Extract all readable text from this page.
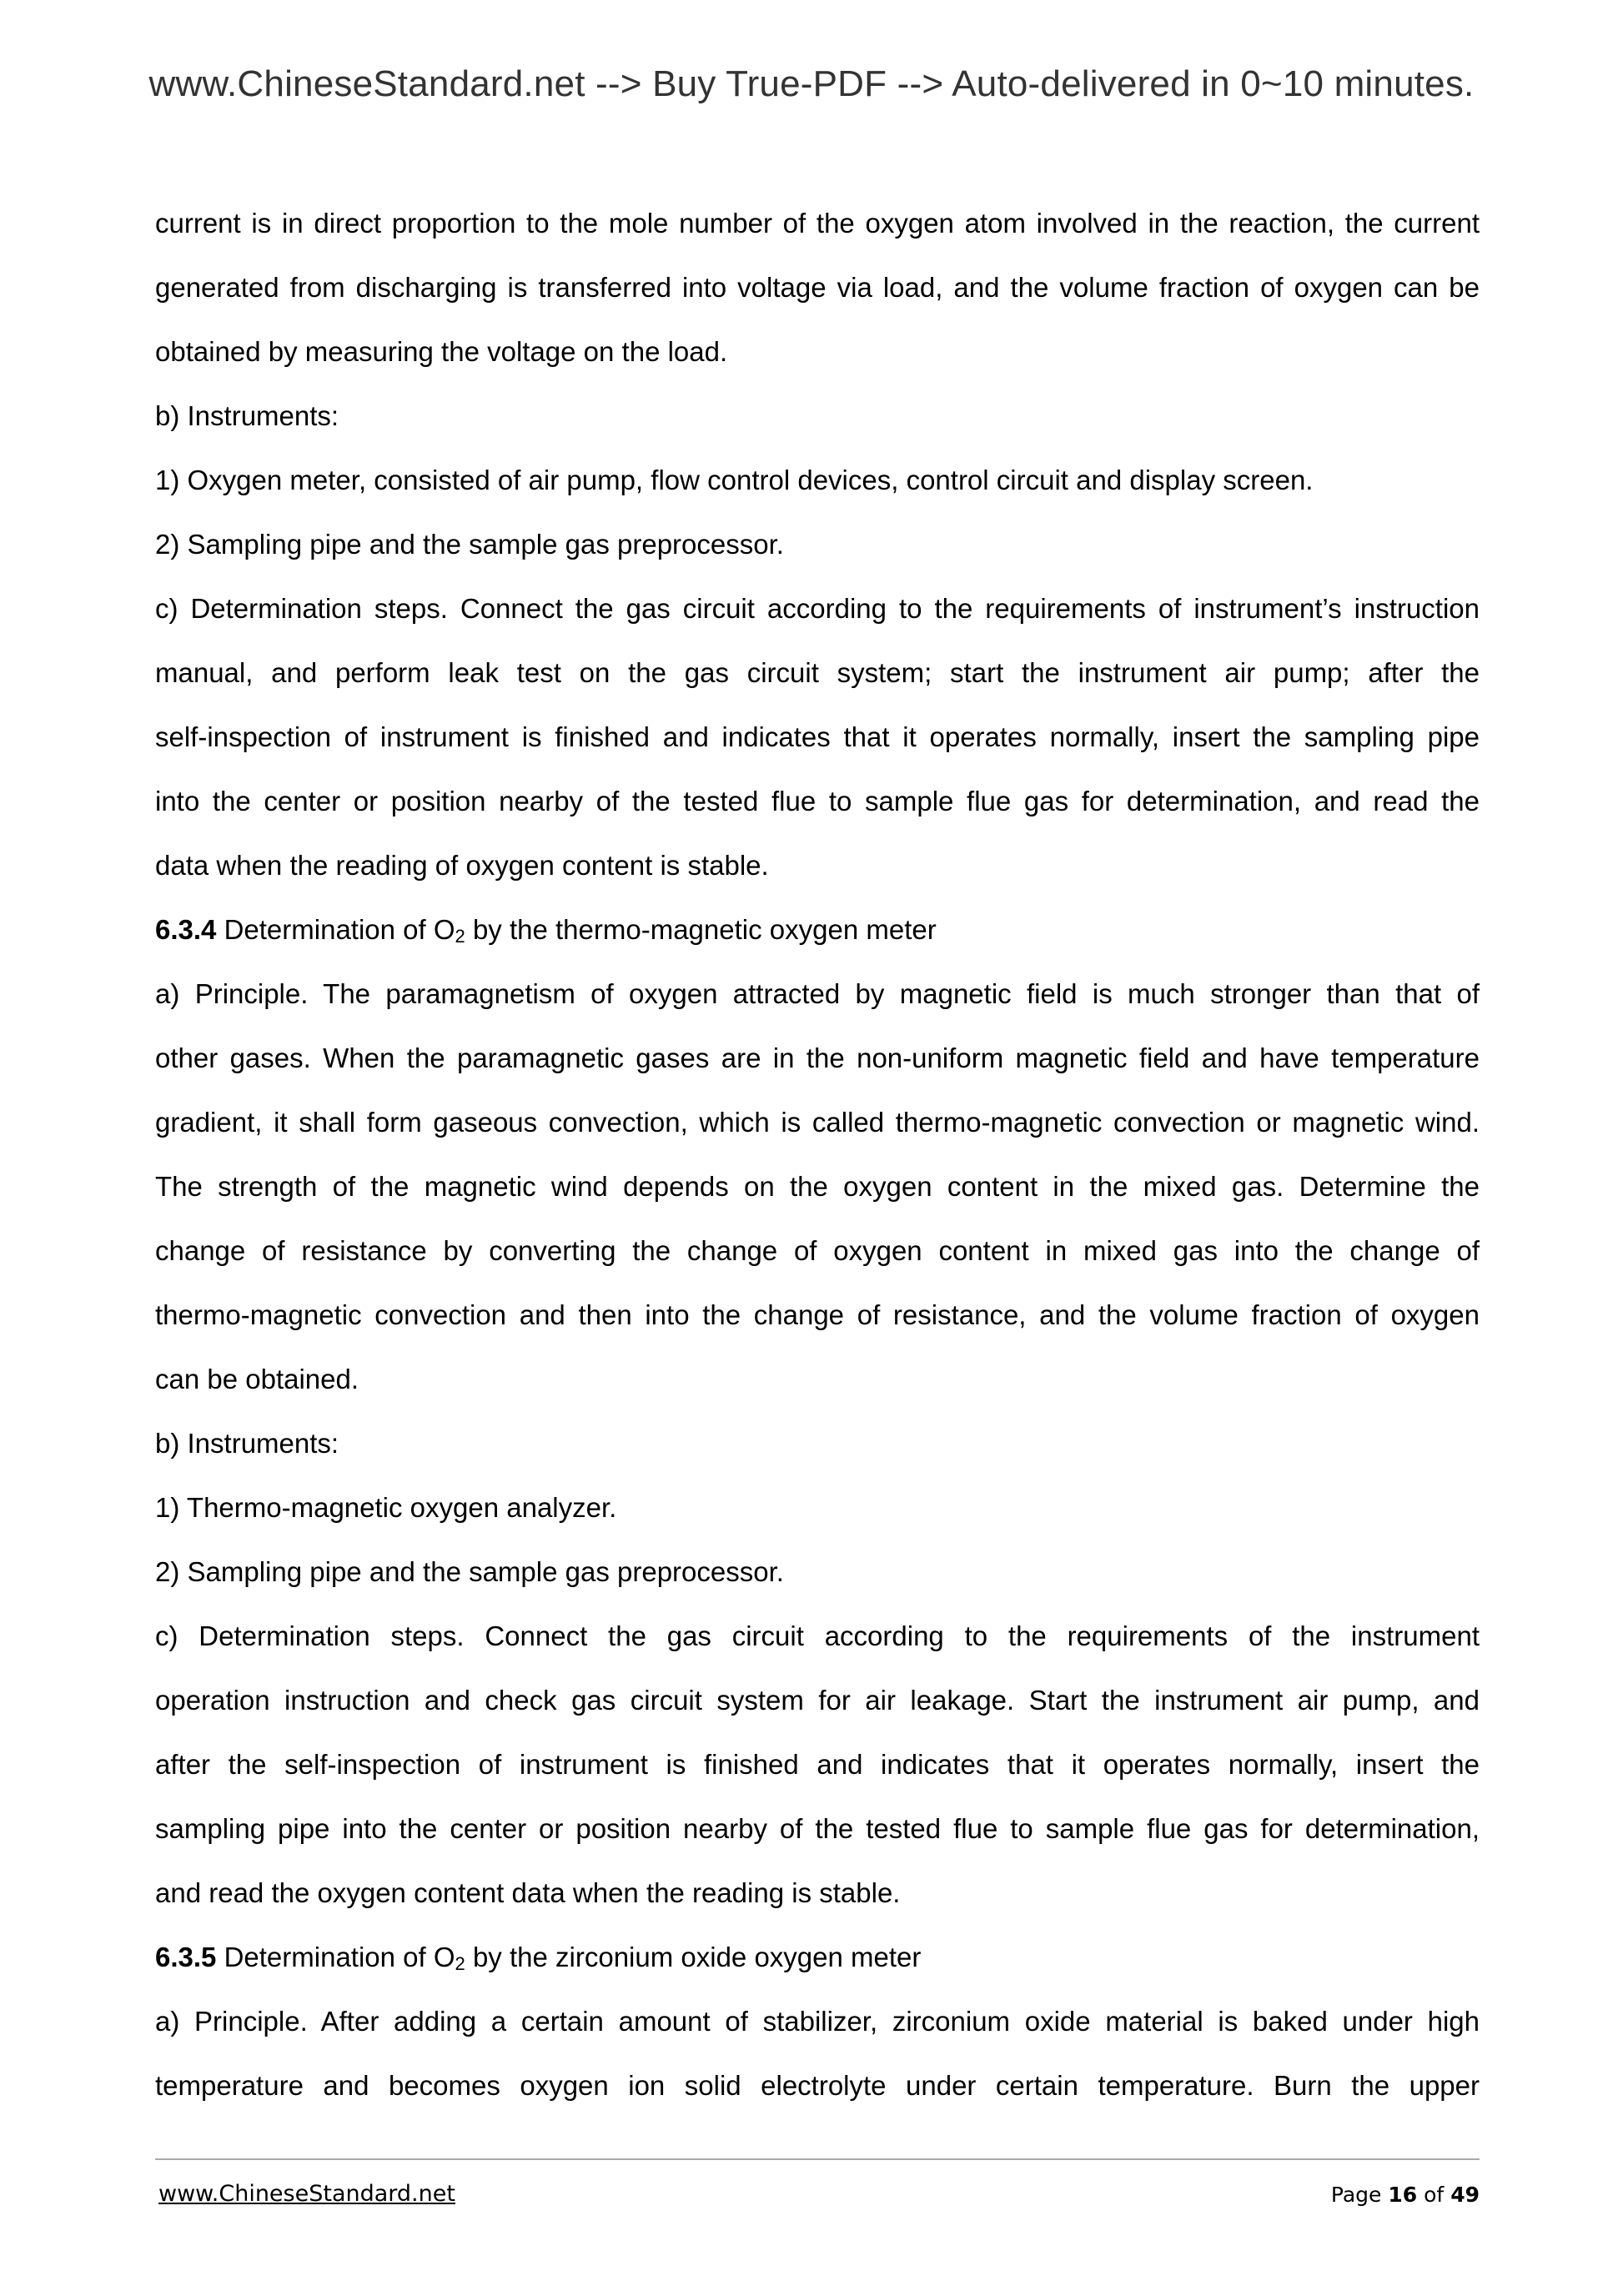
www.ChineseStandard.net --> Buy True-PDF --> Auto-delivered in 0~10 minutes.
current is in direct proportion to the mole number of the oxygen atom involved in the reaction, the current
generated from discharging is transferred into voltage via load, and the volume fraction of oxygen can be
obtained by measuring the voltage on the load.
b) Instruments:
1) Oxygen meter, consisted of air pump, flow control devices, control circuit and display screen.
2) Sampling pipe and the sample gas preprocessor.
c) Determination steps. Connect the gas circuit according to the requirements of instrument’s instruction
manual, and perform leak test on the gas circuit system; start the instrument air pump; after the
self-inspection of instrument is finished and indicates that it operates normally, insert the sampling pipe
into the center or position nearby of the tested flue to sample flue gas for determination, and read the
data when the reading of oxygen content is stable.
6.3.4 Determination of O2 by the thermo-magnetic oxygen meter
a) Principle. The paramagnetism of oxygen attracted by magnetic field is much stronger than that of
other gases. When the paramagnetic gases are in the non-uniform magnetic field and have temperature
gradient, it shall form gaseous convection, which is called thermo-magnetic convection or magnetic wind.
The strength of the magnetic wind depends on the oxygen content in the mixed gas. Determine the
change of resistance by converting the change of oxygen content in mixed gas into the change of
thermo-magnetic convection and then into the change of resistance, and the volume fraction of oxygen
can be obtained.
b) Instruments:
1) Thermo-magnetic oxygen analyzer.
2) Sampling pipe and the sample gas preprocessor.
c) Determination steps. Connect the gas circuit according to the requirements of the instrument
operation instruction and check gas circuit system for air leakage. Start the instrument air pump, and
after the self-inspection of instrument is finished and indicates that it operates normally, insert the
sampling pipe into the center or position nearby of the tested flue to sample flue gas for determination,
and read the oxygen content data when the reading is stable.
6.3.5 Determination of O2 by the zirconium oxide oxygen meter
a) Principle. After adding a certain amount of stabilizer, zirconium oxide material is baked under high
temperature and becomes oxygen ion solid electrolyte under certain temperature. Burn the upper
www.ChineseStandard.net	Page 16 of 49
